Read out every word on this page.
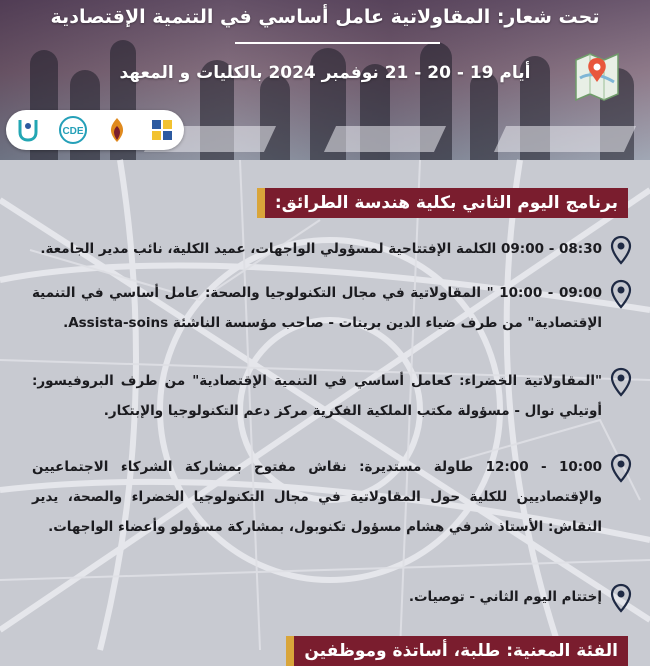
تحت شعار: المقاولاتية عامل أساسي في التنمية الإقتصادية
أيام 19 - 20 - 21 نوفمبر 2024 بالكليات و المعهد
CDE
برنامج اليوم الثاني بكلية هندسة الطرائق:
08:30 - 09:00 الكلمة الإفتتاحية لمسؤولي الواجهات، عميد الكلية، نائب مدير الجامعة.
09:00 - 10:00 " المقاولاتية في مجال التكنولوجيا والصحة: عامل أساسي في التنمية الإقتصادية" من طرف ضياء الدين برينات - صاحب مؤسسة الناشئة Assista-soins.
"المقاولاتية الخضراء: كعامل أساسي في التنمية الإقتصادية" من طرف البروفيسور: أوتيلي نوال - مسؤولة مكتب الملكية الفكرية مركز دعم التكنولوجيا والإبتكار.
10:00 - 12:00 طاولة مستديرة: نقاش مفتوح بمشاركة الشركاء الاجتماعيين والإقتصاديين للكلية حول المقاولاتية في مجال التكنولوجيا الخضراء والصحة، يدير النقاش: الأستاذ شرفي هشام مسؤول تكنوبول، بمشاركة مسؤولو وأعضاء الواجهات.
إختتام اليوم الثاني - توصيات.
الفئة المعنية: طلبة، أساتذة وموظفين
